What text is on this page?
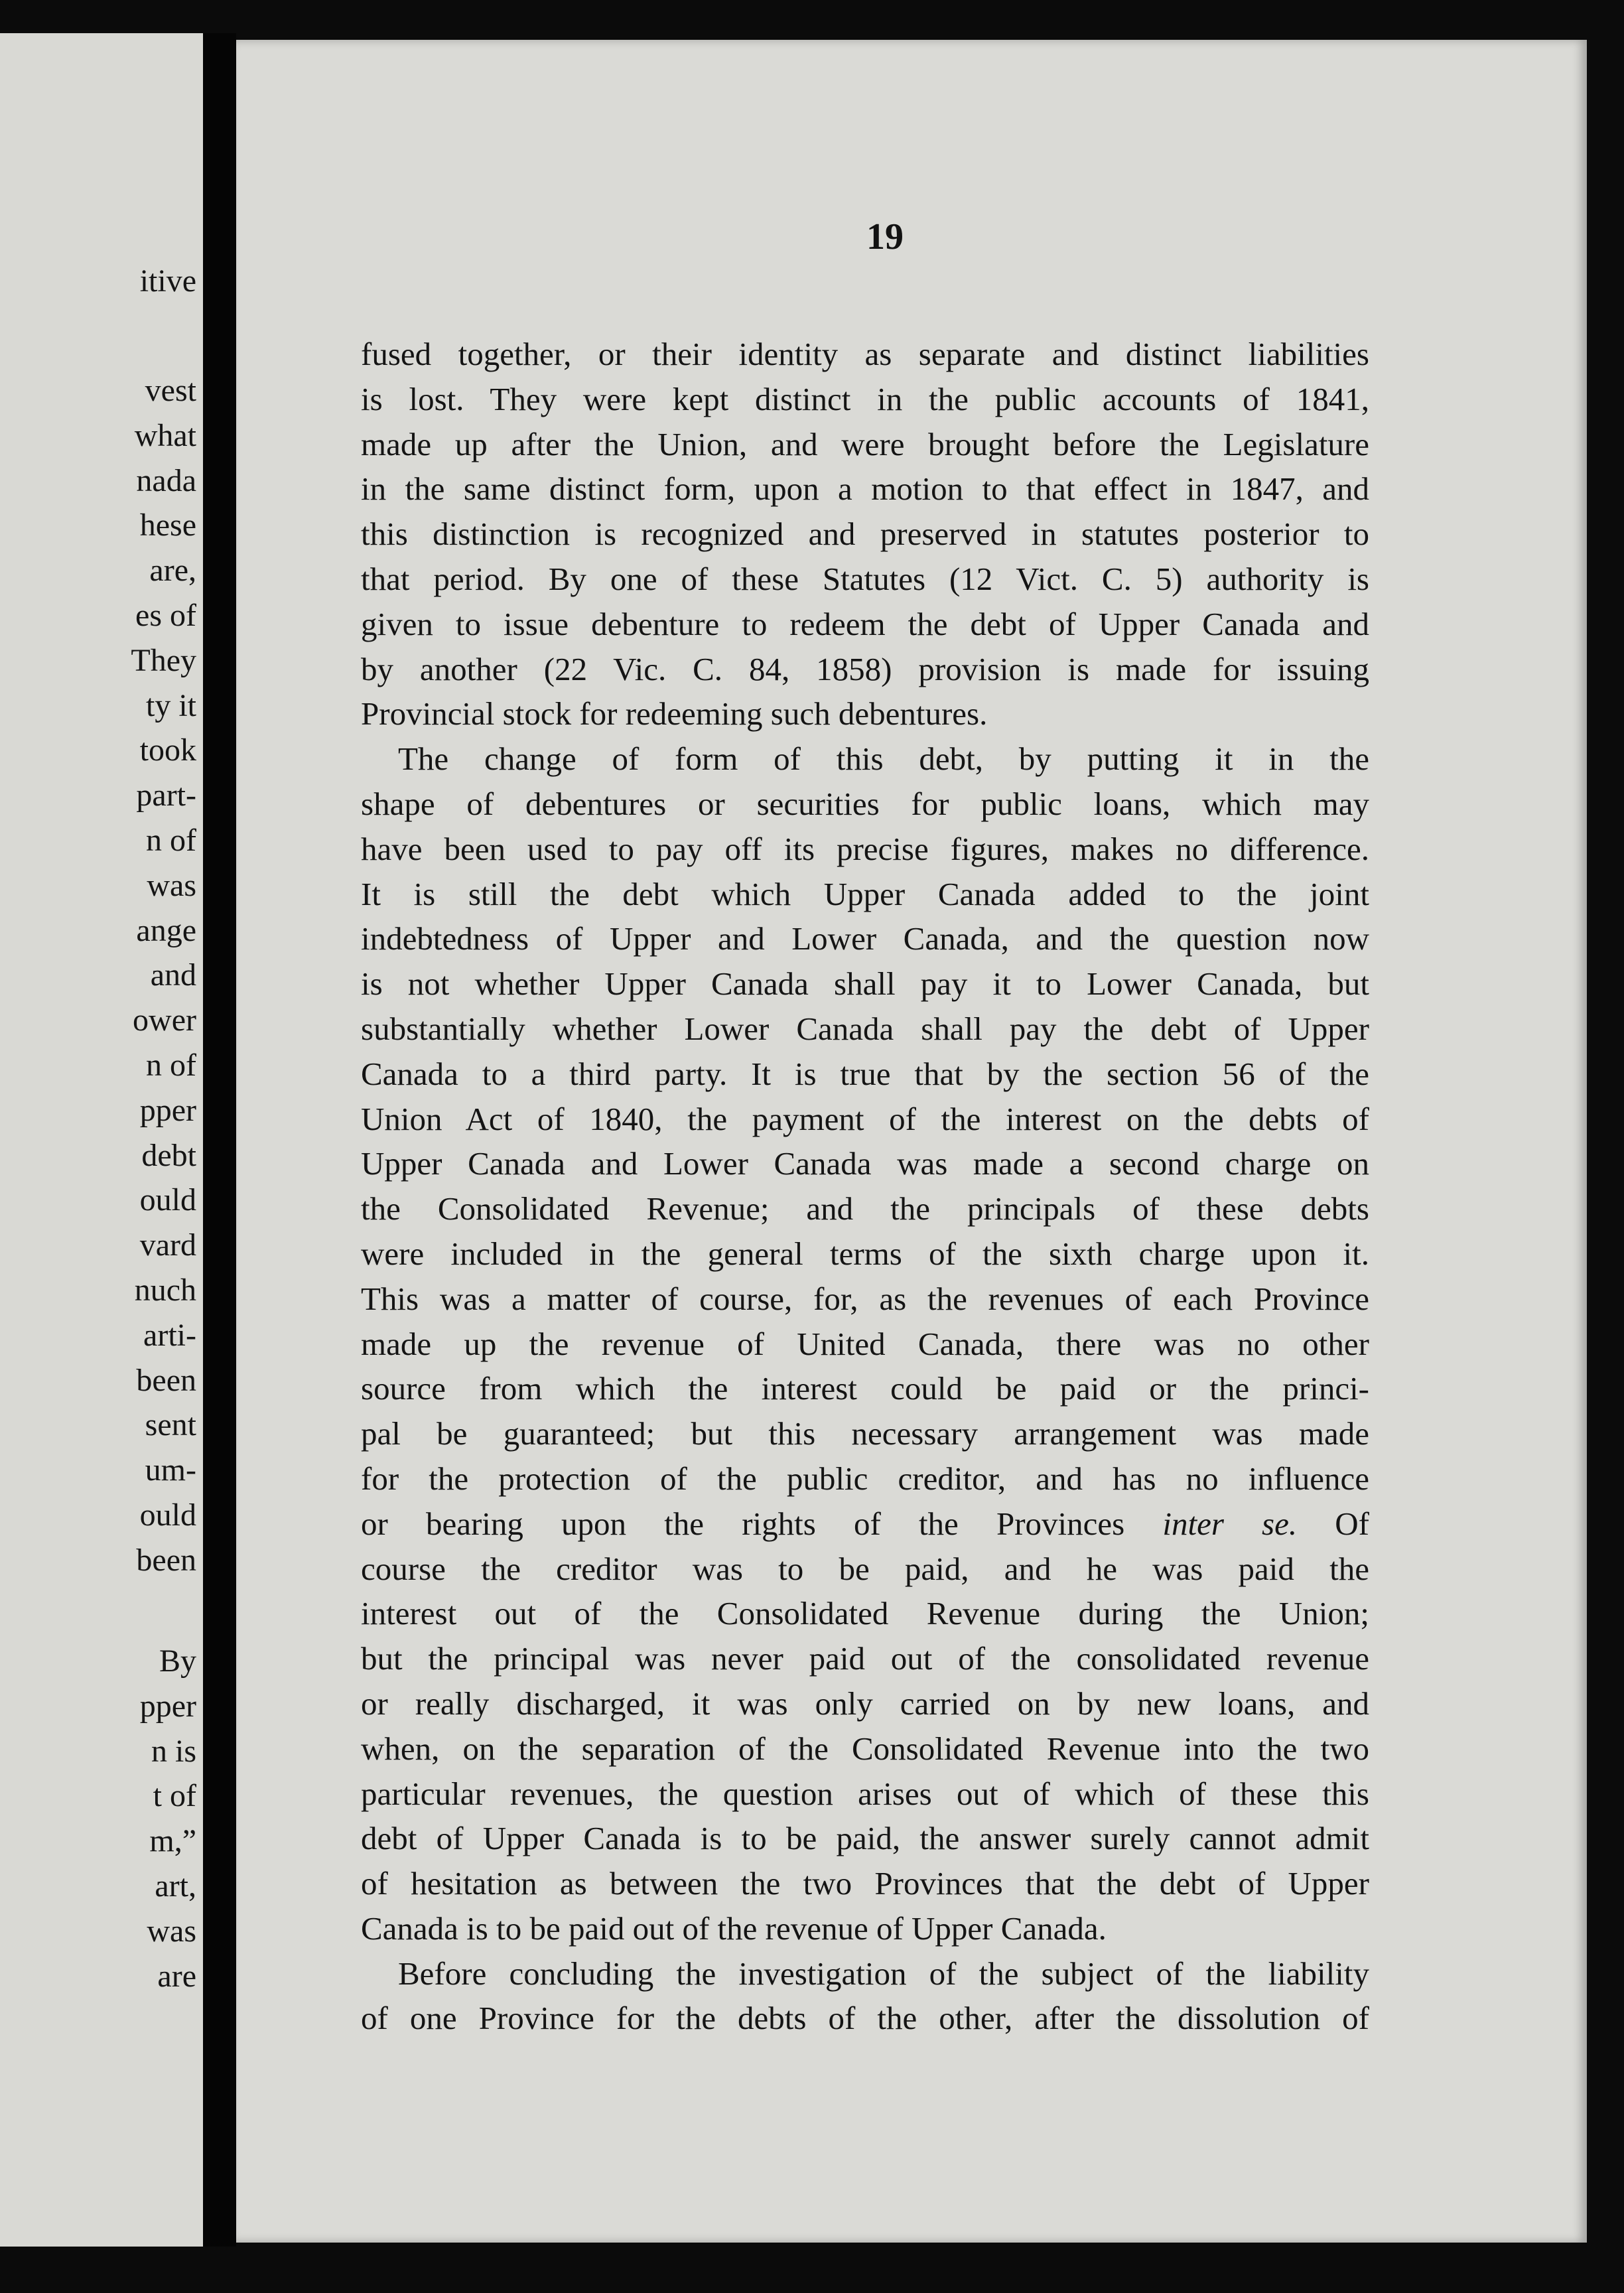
itive
vest
what
nada
hese
are,
es of
They
ty it
took
part-
n of
was
ange
and
ower
n of
pper
debt
ould
vard
nuch
arti-
been
sent
um-
ould
been
By
pper
n is
t of
m,”
art,
was
are
19
fused together, or their identity as separate and distinct liabilities
is lost. They were kept distinct in the public accounts of 1841,
made up after the Union, and were brought before the Legislature
in the same distinct form, upon a motion to that effect in 1847, and
this distinction is recognized and preserved in statutes posterior to
that period. By one of these Statutes (12 Vict. C. 5) authority is
given to issue debenture to redeem the debt of Upper Canada and
by another (22 Vic. C. 84, 1858) provision is made for issuing
Provincial stock for redeeming such debentures.
The change of form of this debt, by putting it in the
shape of debentures or securities for public loans, which may
have been used to pay off its precise figures, makes no difference.
It is still the debt which Upper Canada added to the joint
indebtedness of Upper and Lower Canada, and the question now
is not whether Upper Canada shall pay it to Lower Canada, but
substantially whether Lower Canada shall pay the debt of Upper
Canada to a third party. It is true that by the section 56 of the
Union Act of 1840, the payment of the interest on the debts of
Upper Canada and Lower Canada was made a second charge on
the Consolidated Revenue; and the principals of these debts
were included in the general terms of the sixth charge upon it.
This was a matter of course, for, as the revenues of each Province
made up the revenue of United Canada, there was no other
source from which the interest could be paid or the princi-
pal be guaranteed; but this necessary arrangement was made
for the protection of the public creditor, and has no influence
or bearing upon the rights of the Provinces inter se. Of
course the creditor was to be paid, and he was paid the
interest out of the Consolidated Revenue during the Union;
but the principal was never paid out of the consolidated revenue
or really discharged, it was only carried on by new loans, and
when, on the separation of the Consolidated Revenue into the two
particular revenues, the question arises out of which of these this
debt of Upper Canada is to be paid, the answer surely cannot admit
of hesitation as between the two Provinces that the debt of Upper
Canada is to be paid out of the revenue of Upper Canada.
Before concluding the investigation of the subject of the liability
of one Province for the debts of the other, after the dissolution of
